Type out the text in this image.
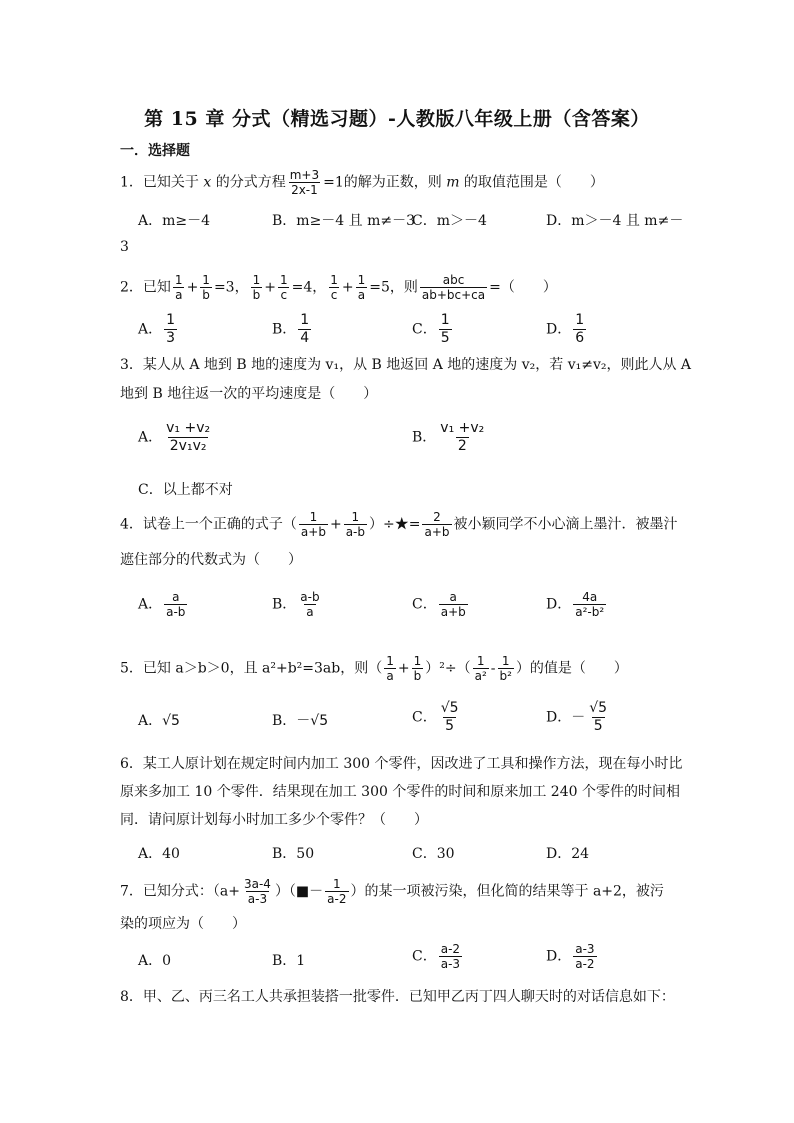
第 15 章 分式（精选习题）-人教版八年级上册（含答案）
一．选择题
1．已知关于 x 的分式方程 $\frac{m+3}{2x-1} =1$的解为正数，则 m 的取值范围是（　　）
A．m≥－4	B．m≥－4 且 m≠－3
C．m＞－4	D．m＞－4 且 m≠－
3
2．已知 $\frac{1}{a} + \frac{1}{b} =3$， $\frac{1}{b} + \frac{1}{c} =4$， $\frac{1}{c} + \frac{1}{a} =5$，则 $\frac{\text{abc}}{ab+bc+ca}$ =（　　）
A． $\frac{1}{3}$	B． $\frac{1}{4}$	C． $\frac{1}{5}$	D． $\frac{1}{6}$
3．某人从 A 地到 B 地的速度为 v₁，从 B 地返回 A 地的速度为 v₂，若 v₁≠v₂，则此人从 A
地到 B 地往返一次的平均速度是（　　）
A． $\frac{\text{v₁ +v₂}}{\text{2v₁v₂}}$	B． $\frac{\text{v₁ +v₂}}{2}$
C．以上都不对
4．试卷上一个正确的式子（ $\frac{1}{a+b} + \frac{1}{a-b}$ ）÷★= $\frac{2}{a+b}$ 被小颖同学不小心滴上墨汁．被墨汁
遮住部分的代数式为（　　）
A． $\frac{a}{a-b}$	B． $\frac{a-b}{a}$	C． $\frac{a}{a+b}$	D． $\frac{4a}{\text{a²-b²}}$
5．已知 a＞b＞0，且 a²+b²=3ab，则（ $\frac{1}{a} + \frac{1}{b} )^2\div( \frac{1}{\text{a²}} - \frac{1}{\text{b²}}$ ）的值是（　　）
A．√5	B．－√5	C． $\frac{√5}{5}$	D．－ $\frac{√5}{5}$
6．某工人原计划在规定时间内加工 300 个零件，因改进了工具和操作方法，现在每小时比
原来多加工 10 个零件．结果现在加工 300 个零件的时间和原来加工 240 个零件的时间相
同．请问原计划每小时加工多少个零件？（　　）
A．40	B．50	C．30	D．24
7．已知分式：（$a+ \frac{3a-4}{a-3}$ ）（■－ $\frac{1}{a-2}$ ）的某一项被污染，但化简的结果等于 a+2，被污
染的项应为（　　）
A．0	B．1	C． $\frac{a-2}{a-3}$	D． $\frac{a-3}{a-2}$
8．甲、乙、丙三名工人共承担装搭一批零件．已知甲乙丙丁四人聊天时的对话信息如下：
